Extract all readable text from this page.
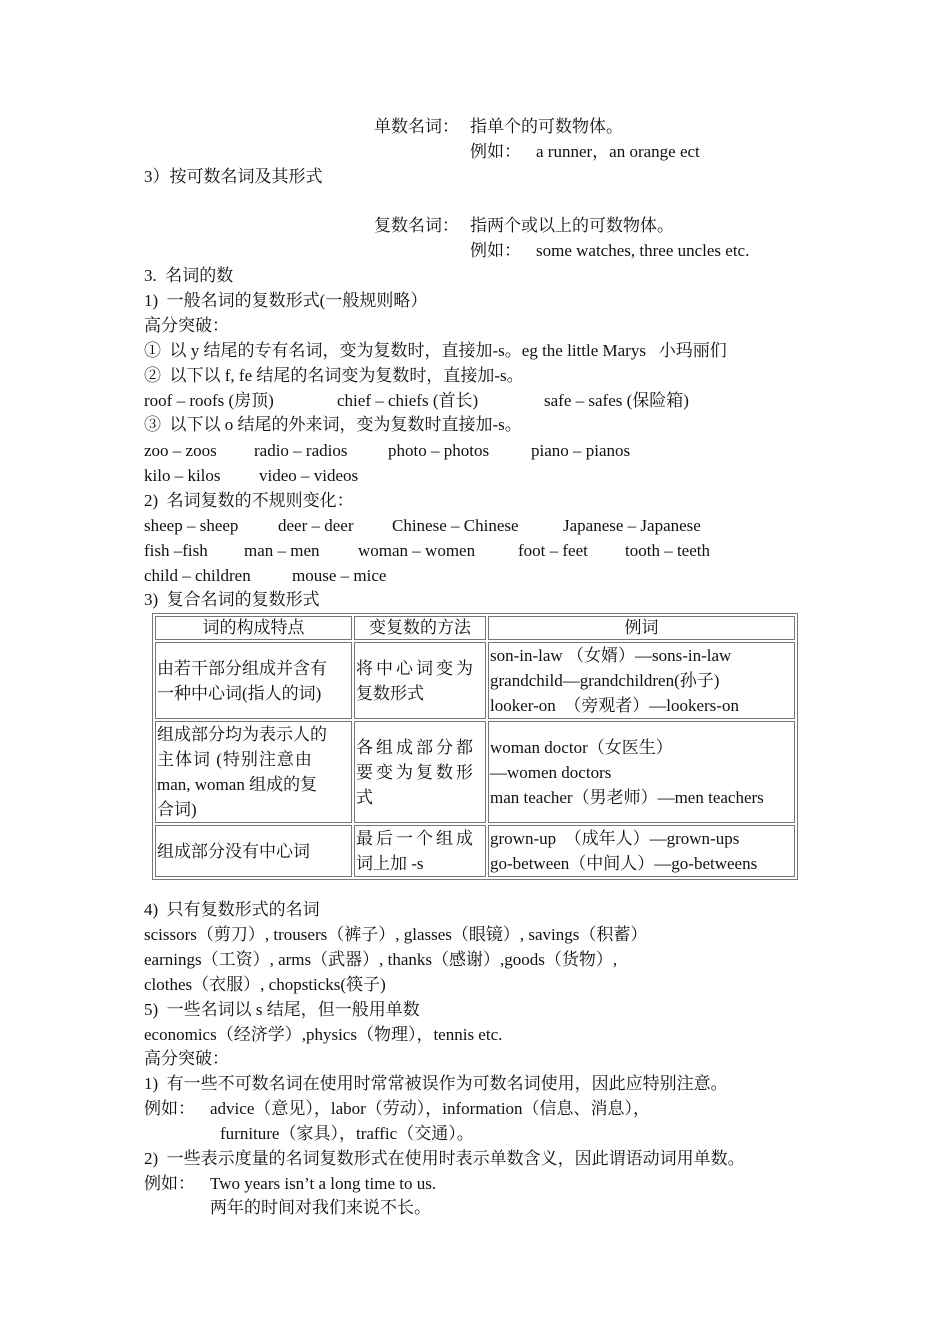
单数名词： 指单个的可数物体。
例如： a runner，an orange ect
3）按可数名词及其形式
复数名词： 指两个或以上的可数物体。
例如： some watches, three uncles etc.
3.  名词的数
1)  一般名词的复数形式(一般规则略）
高分突破：
①  以 y 结尾的专有名词，变为复数时，直接加-s。eg the little Marys   小玛丽们
②  以下以 f, fe 结尾的名词变为复数时，直接加-s。
roof – roofs (房顶)	chief – chiefs (首长)	safe – safes (保险箱)
③  以下以 o 结尾的外来词，变为复数时直接加-s。
zoo – zoos radio – radios photo – photos piano – pianos
kilo – kilos video – videos
2)  名词复数的不规则变化：
sheep – sheep deer – deer Chinese – Chinese	Japanese – Japanese
fish –fish man – men woman – women	foot – feet tooth – teeth
child – children mouse – mice
3)  复合名词的复数形式
词的构成特点	变复数的方法	例词

由若干部分组成并含有
一种中心词(指人的词)	将中心词变为
复数形式	son-in-law （女婿）—sons-in-law
grandchild—grandchildren(孙子)
looker-on  （旁观者）—lookers-on

组成部分均为表示人的
主体词 (特别注意由
man, woman 组成的复
合词)	各组成部分都
要变为复数形
式	woman doctor（女医生）
—women doctors
man teacher（男老师）—men teachers

组成部分没有中心词	最后一个组成
词上加 -s	grown-up  （成年人）—grown-ups
go-between（中间人）—go-betweens
4)  只有复数形式的名词
scissors（剪刀）, trousers（裤子）, glasses（眼镜）, savings（积蓄）
earnings（工资）, arms（武器）, thanks（感谢）,goods（货物）,
clothes（衣服）, chopsticks(筷子)
5)  一些名词以 s 结尾，但一般用单数
economics（经济学）,physics（物理），tennis etc.
高分突破：
1)  有一些不可数名词在使用时常常被误作为可数名词使用，因此应特别注意。
例如： advice（意见），labor（劳动），information（信息、消息），
furniture（家具），traffic（交通）。
2)  一些表示度量的名词复数形式在使用时表示单数含义，因此谓语动词用单数。
例如： Two years isn’t a long time to us.
两年的时间对我们来说不长。
